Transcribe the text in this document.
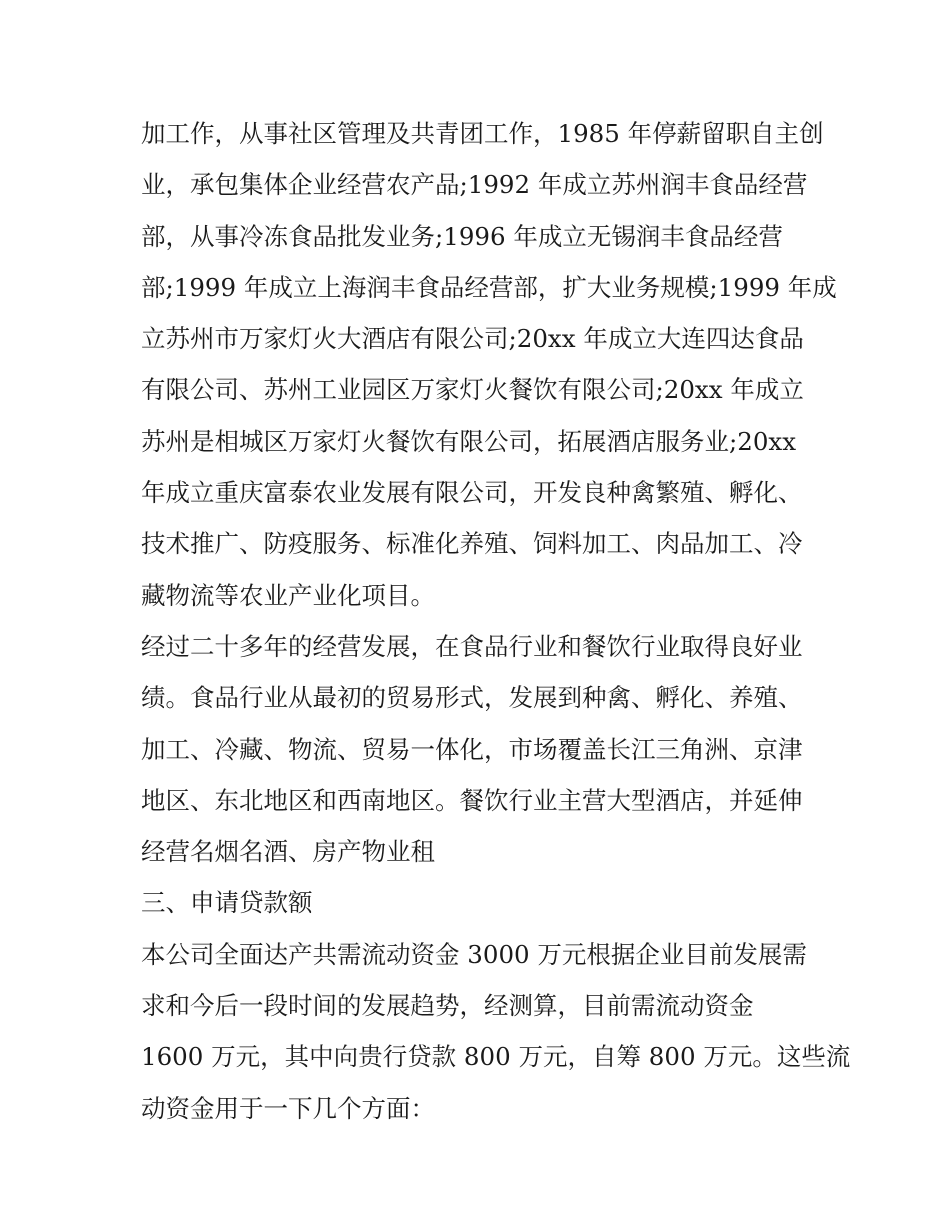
加工作，从事社区管理及共青团工作，1985 年停薪留职自主创
业，承包集体企业经营农产品;1992 年成立苏州润丰食品经营
部，从事冷冻食品批发业务;1996 年成立无锡润丰食品经营
部;1999 年成立上海润丰食品经营部，扩大业务规模;1999 年成
立苏州市万家灯火大酒店有限公司;20xx 年成立大连四达食品
有限公司、苏州工业园区万家灯火餐饮有限公司;20xx 年成立
苏州是相城区万家灯火餐饮有限公司，拓展酒店服务业;20xx
年成立重庆富泰农业发展有限公司，开发良种禽繁殖、孵化、
技术推广、防疫服务、标准化养殖、饲料加工、肉品加工、冷
藏物流等农业产业化项目。
经过二十多年的经营发展，在食品行业和餐饮行业取得良好业
绩。食品行业从最初的贸易形式，发展到种禽、孵化、养殖、
加工、冷藏、物流、贸易一体化，市场覆盖长江三角洲、京津
地区、东北地区和西南地区。餐饮行业主营大型酒店，并延伸
经营名烟名酒、房产物业租
三、申请贷款额
本公司全面达产共需流动资金 3000 万元根据企业目前发展需
求和今后一段时间的发展趋势，经测算，目前需流动资金
1600 万元，其中向贵行贷款 800 万元，自筹 800 万元。这些流
动资金用于一下几个方面：
